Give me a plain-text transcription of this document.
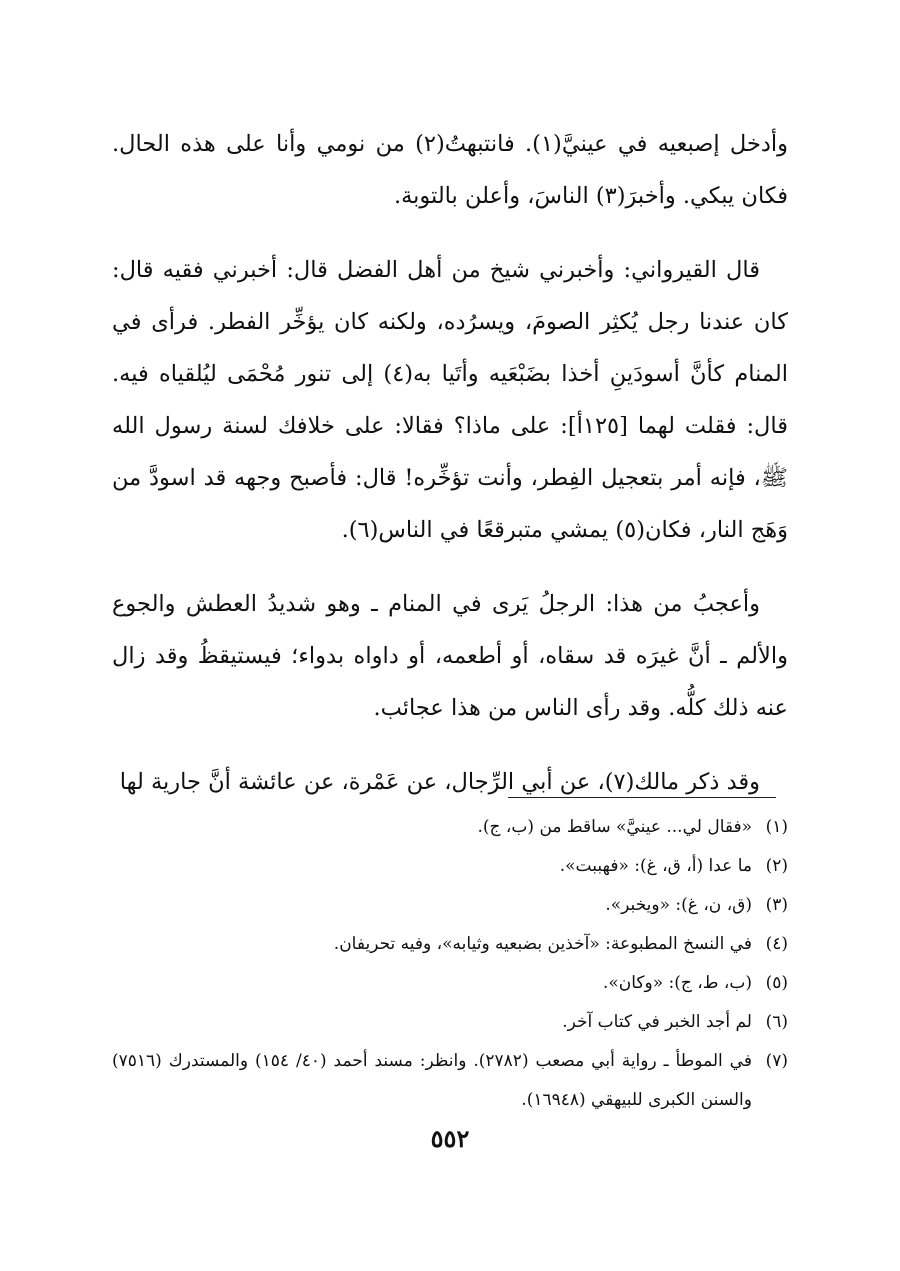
وأدخل إصبعيه في عينيَّ(١). فانتبهتُ(٢) من نومي وأنا على هذه الحال. فكان يبكي. وأخبرَ(٣) الناسَ، وأعلن بالتوبة.

قال القيرواني: وأخبرني شيخ من أهل الفضل قال: أخبرني فقيه قال: كان عندنا رجل يُكثِر الصومَ، ويسرُده، ولكنه كان يؤخِّر الفطر. فرأى في المنام كأنَّ أسودَينِ أخذا بضَبْعَيه وأتَيا به(٤) إلى تنور مُحْمَى ليُلقياه فيه. قال: فقلت لهما [١٢٥أ]: على ماذا؟ فقالا: على خلافك لسنة رسول الله ﷺ، فإنه أمر بتعجيل الفِطر، وأنت تؤخِّره! قال: فأصبح وجهه قد اسودَّ من وَهَج النار، فكان(٥) يمشي متبرقعًا في الناس(٦).

وأعجبُ من هذا: الرجلُ يَرى في المنام ـ وهو شديدُ العطش والجوع والألم ـ أنَّ غيرَه قد سقاه، أو أطعمه، أو داواه بدواء؛ فيستيقظُ وقد زال عنه ذلك كلُّه. وقد رأى الناس من هذا عجائب.

وقد ذكر مالك(٧)، عن أبي الرِّجال، عن عَمْرة، عن عائشة أنَّ جارية لها

(١)
«فقال لي... عينيَّ» ساقط من (ب، ج).
(٢)
ما عدا (أ، ق، غ): «فهببت».
(٣)
(ق، ن، غ): «ويخبر».
(٤)
في النسخ المطبوعة: «آخذين بضبعيه وثيابه»، وفيه تحريفان.
(٥)
(ب، ط، ج): «وكان».
(٦)
لم أجد الخبر في كتاب آخر.
(٧)
في الموطأ ـ رواية أبي مصعب (٢٧٨٢). وانظر: مسند أحمد (٤٠/ ١٥٤) والمستدرك (٧٥١٦) والسنن الكبرى للبيهقي (١٦٩٤٨).
٥٥٢
